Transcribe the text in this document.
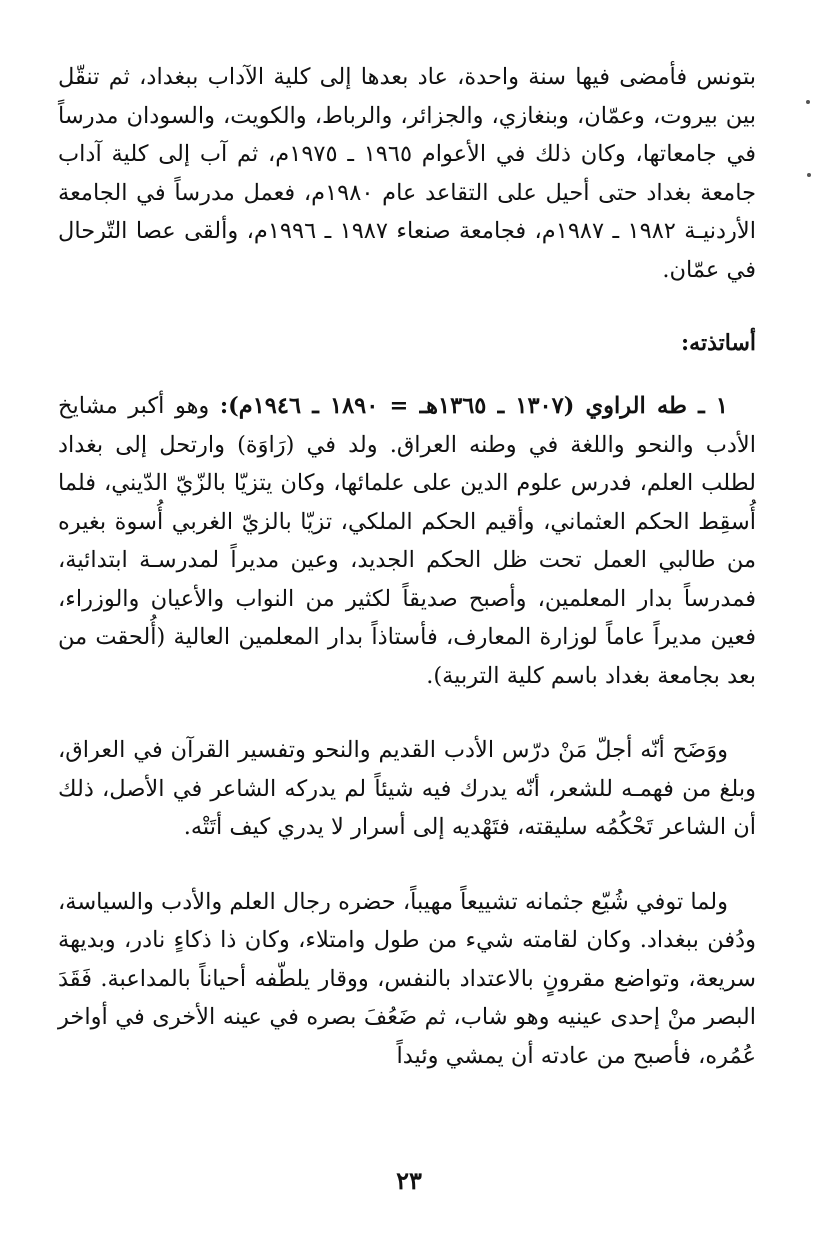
بتونس فأمضى فيها سنة واحدة، عاد بعدها إلى كلية الآداب ببغداد، ثم تنقّل بين بيروت، وعمّان، وبنغازي، والجزائر، والرباط، والكويت، والسودان مدرساً في جامعاتها، وكان ذلك في الأعوام ١٩٦٥ ـ ١٩٧٥م، ثم آب إلى كلية آداب جامعة بغداد حتى أحيل على التقاعد عام ١٩٨٠م، فعمل مدرساً في الجامعة الأردنيـة ١٩٨٢ ـ ١٩٨٧م، فجامعة صنعاء ١٩٨٧ ـ ١٩٩٦م، وألقى عصا التّرحال في عمّان.

أساتذته:

١ ـ طه الراوي (١٣٠٧ ـ ١٣٦٥هـ = ١٨٩٠ ـ ١٩٤٦م): وهو أكبر مشايخ الأدب والنحو واللغة في وطنه العراق. ولد في (رَاوَة) وارتحل إلى بغداد لطلب العلم، فدرس علوم الدين على علمائها، وكان يتزيّا بالزّيّ الدّيني، فلما أُسقِط الحكم العثماني، وأقيم الحكم الملكي، تزيّا بالزيّ الغربي أُسوة بغيره من طالبي العمل تحت ظل الحكم الجديد، وعين مديراً لمدرسـة ابتدائية، فمدرساً بدار المعلمين، وأصبح صديقاً لكثير من النواب والأعيان والوزراء، فعين مديراً عاماً لوزارة المعارف، فأستاذاً بدار المعلمين العالية (أُلحقت من بعد بجامعة بغداد باسم كلية التربية).

ووَضَح أنّه أجلّ مَنْ درّس الأدب القديم والنحو وتفسير القرآن في العراق، وبلغ من فهمـه للشعر، أنّه يدرك فيه شيئاً لم يدركه الشاعر في الأصل، ذلك أن الشاعر تَحْكُمُه سليقته، فتَهْديه إلى أسرار لا يدري كيف أتَتْه.

ولما توفي شُيّع جثمانه تشييعاً مهيباً، حضره رجال العلم والأدب والسياسة، ودُفن ببغداد. وكان لقامته شيء من طول وامتلاء، وكان ذا ذكاءٍ نادر، وبديهة سريعة، وتواضع مقرونٍ بالاعتداد بالنفس، ووقار يلطّفه أحياناً بالمداعبة. فَقَدَ البصر منْ إحدى عينيه وهو شاب، ثم ضَعُفَ بصره في عينه الأخرى في أواخر عُمُره، فأصبح من عادته أن يمشي وئيداً

٢٣
